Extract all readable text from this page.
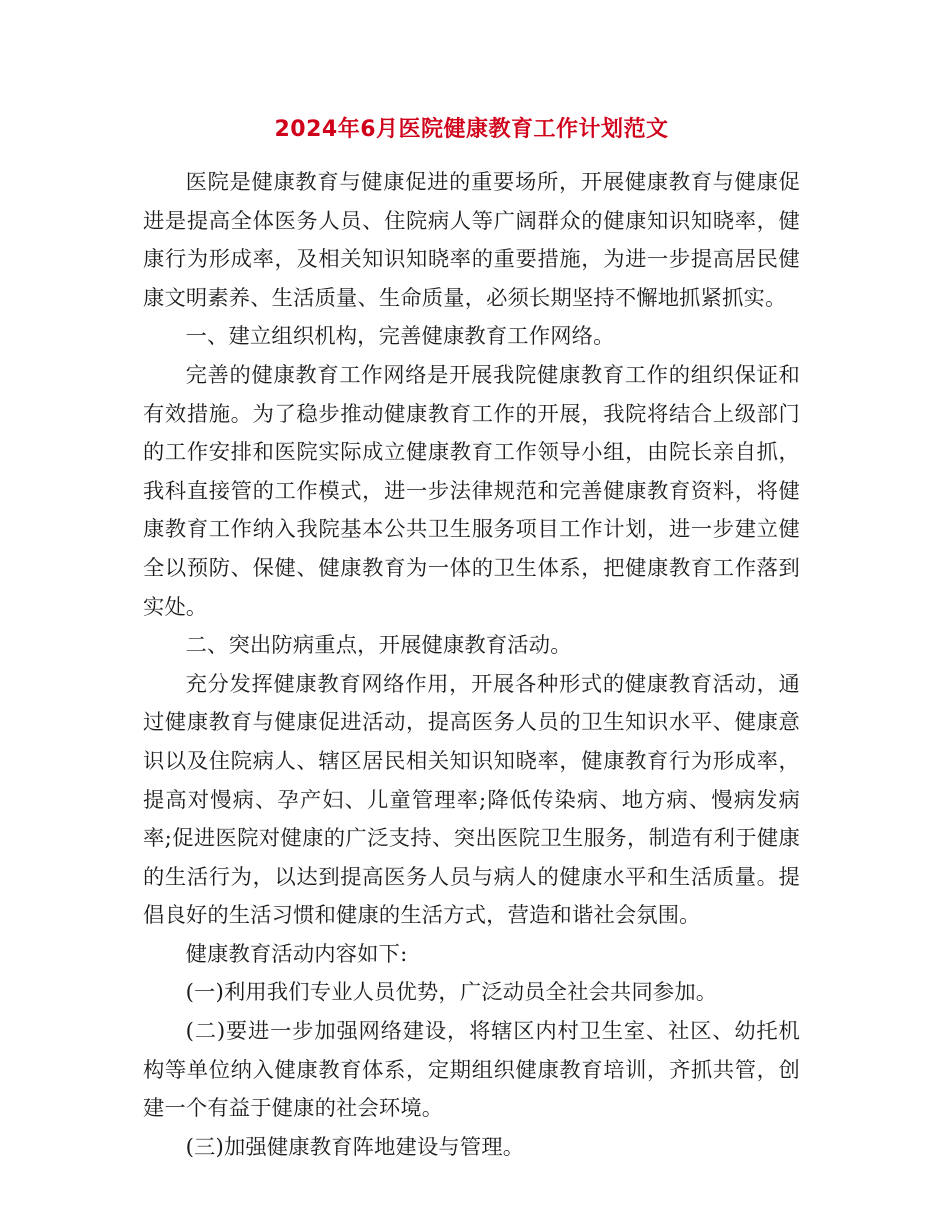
2024年6月医院健康教育工作计划范文

医院是健康教育与健康促进的重要场所，开展健康教育与健康促进是提高全体医务人员、住院病人等广阔群众的健康知识知晓率，健康行为形成率，及相关知识知晓率的重要措施，为进一步提高居民健康文明素养、生活质量、生命质量，必须长期坚持不懈地抓紧抓实。

一、建立组织机构，完善健康教育工作网络。

完善的健康教育工作网络是开展我院健康教育工作的组织保证和有效措施。为了稳步推动健康教育工作的开展，我院将结合上级部门的工作安排和医院实际成立健康教育工作领导小组，由院长亲自抓，我科直接管的工作模式，进一步法律规范和完善健康教育资料，将健康教育工作纳入我院基本公共卫生服务项目工作计划，进一步建立健全以预防、保健、健康教育为一体的卫生体系，把健康教育工作落到实处。

二、突出防病重点，开展健康教育活动。

充分发挥健康教育网络作用，开展各种形式的健康教育活动，通过健康教育与健康促进活动，提高医务人员的卫生知识水平、健康意识以及住院病人、辖区居民相关知识知晓率，健康教育行为形成率，提高对慢病、孕产妇、儿童管理率;降低传染病、地方病、慢病发病率;促进医院对健康的广泛支持、突出医院卫生服务，制造有利于健康的生活行为，以达到提高医务人员与病人的健康水平和生活质量。提倡良好的生活习惯和健康的生活方式，营造和谐社会氛围。

健康教育活动内容如下:

(一)利用我们专业人员优势，广泛动员全社会共同参加。

(二)要进一步加强网络建设，将辖区内村卫生室、社区、幼托机构等单位纳入健康教育体系，定期组织健康教育培训，齐抓共管，创建一个有益于健康的社会环境。

(三)加强健康教育阵地建设与管理。
